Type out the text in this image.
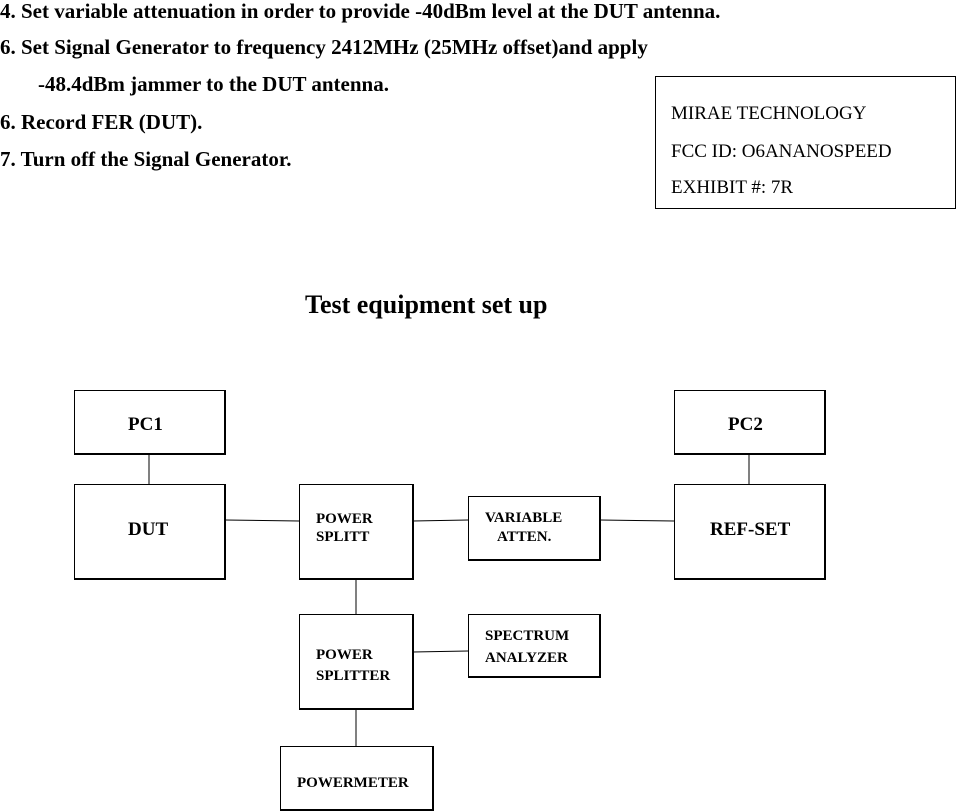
4. Set variable attenuation in order to provide -40dBm level at the DUT antenna.
6. Set Signal Generator to frequency 2412MHz (25MHz offset)and apply
-48.4dBm jammer to the DUT antenna.
6. Record FER (DUT).
7. Turn off the Signal Generator.
MIRAE TECHNOLOGY
FCC ID: O6ANANOSPEED
EXHIBIT #: 7R
Test equipment set up
PC1	PC2
DUT	POWER
SPLITT
VARIABLE
ATTEN.	REF-SET
SPECTRUM
ANALYZER
POWER
SPLITTER
POWERMETER
